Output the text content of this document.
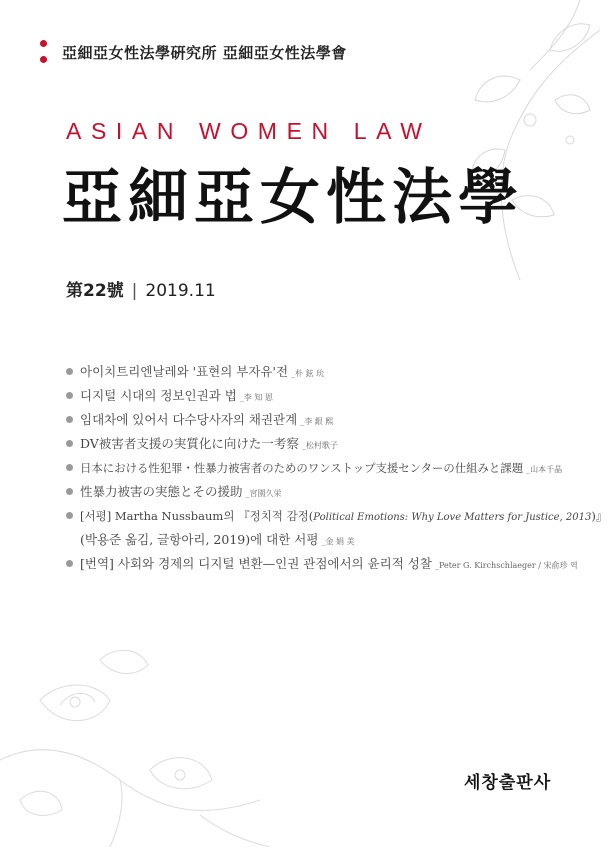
亞細亞女性法學硏究所 亞細亞女性法學會
ASIAN WOMEN LAW
亞細亞女性法學
第22號 | 2019.11
아이치트리엔날레와 '표현의 부자유'전 _朴 鉉 玧
디지털 시대의 정보인권과 법 _李 知 恩
임대차에 있어서 다수당사자의 채권관계 _李 銀 熙
DV被害者支援の実質化に向けた一考察 _松村歌子
日本における性犯罪・性暴力被害者のためのワンストップ支援センターの仕組みと課題 _山本千晶
性暴力被害の実態とその援助 _宮園久栄
[서평] Martha Nussbaum의 『정치적 감정(Political Emotions: Why Love Matters for Justice, 2013)』
(박용준 옮김, 글항아리, 2019)에 대한 서평 _金 娟 美
[번역] 사회와 경제의 디지털 변환—인권 관점에서의 윤리적 성찰 _Peter G. Kirchschlaeger / 宋俞珍 역
세창출판사
